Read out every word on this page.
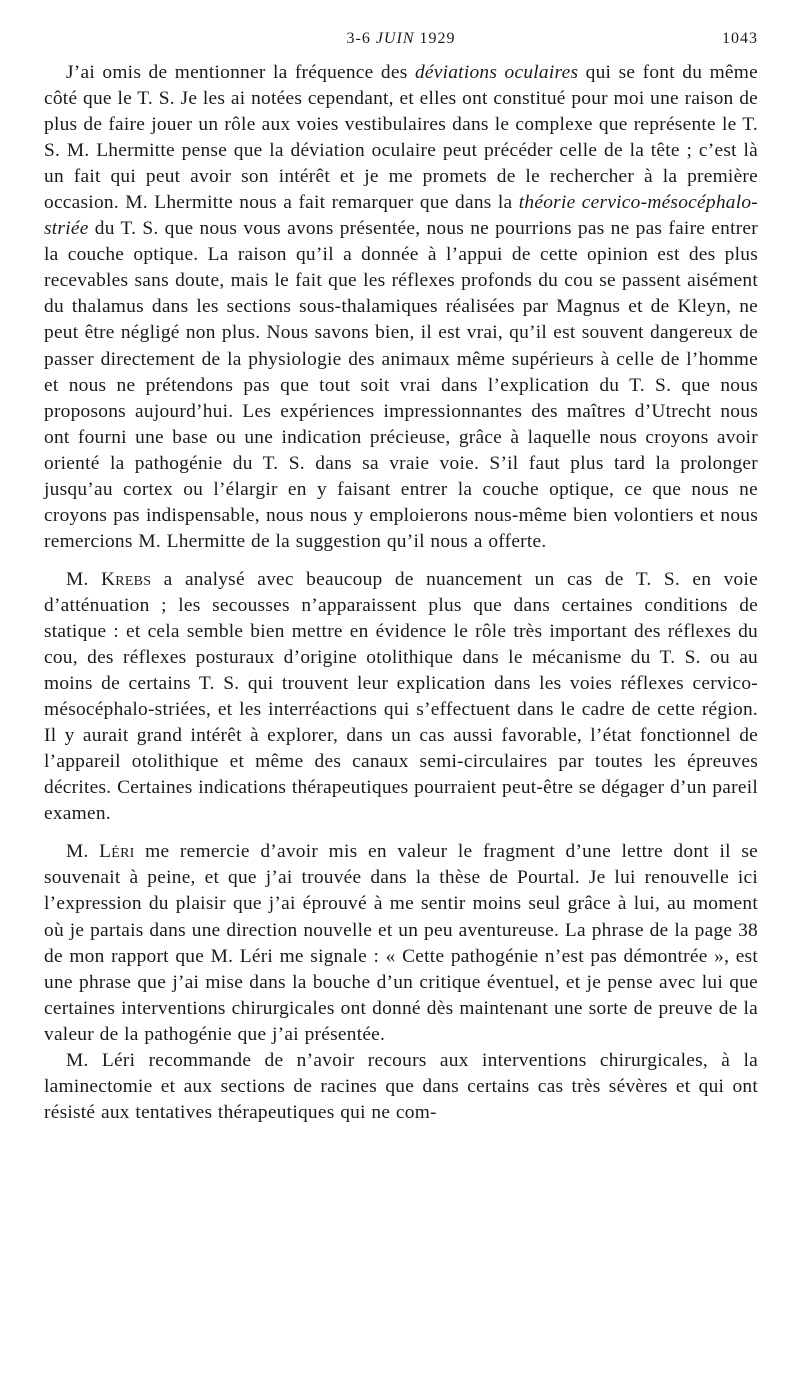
3-6 JUIN 1929	1043

J’ai omis de mentionner la fréquence des déviations oculaires qui se font du même côté que le T. S. Je les ai notées cependant, et elles ont constitué pour moi une raison de plus de faire jouer un rôle aux voies vestibulaires dans le complexe que représente le T. S. M. Lhermitte pense que la déviation oculaire peut précéder celle de la tête ; c’est là un fait qui peut avoir son intérêt et je me promets de le rechercher à la première occasion. M. Lhermitte nous a fait remarquer que dans la théorie cervico-mésocéphalo-striée du T. S. que nous vous avons présentée, nous ne pourrions pas ne pas faire entrer la couche optique. La raison qu’il a donnée à l’appui de cette opinion est des plus recevables sans doute, mais le fait que les réflexes profonds du cou se passent aisément du thalamus dans les sections sous-thalamiques réalisées par Magnus et de Kleyn, ne peut être négligé non plus. Nous savons bien, il est vrai, qu’il est souvent dangereux de passer directement de la physiologie des animaux même supérieurs à celle de l’homme et nous ne prétendons pas que tout soit vrai dans l’explication du T. S. que nous proposons aujourd’hui. Les expériences impressionnantes des maîtres d’Utrecht nous ont fourni une base ou une indication précieuse, grâce à laquelle nous croyons avoir orienté la pathogénie du T. S. dans sa vraie voie. S’il faut plus tard la prolonger jusqu’au cortex ou l’élargir en y faisant entrer la couche optique, ce que nous ne croyons pas indispensable, nous nous y emploierons nous-même bien volontiers et nous remercions M. Lhermitte de la suggestion qu’il nous a offerte.

M. Krebs a analysé avec beaucoup de nuancement un cas de T. S. en voie d’atténuation ; les secousses n’apparaissent plus que dans certaines conditions de statique : et cela semble bien mettre en évidence le rôle très important des réflexes du cou, des réflexes posturaux d’origine otolithique dans le mécanisme du T. S. ou au moins de certains T. S. qui trouvent leur explication dans les voies réflexes cervico-mésocéphalo-striées, et les interréactions qui s’effectuent dans le cadre de cette région. Il y aurait grand intérêt à explorer, dans un cas aussi favorable, l’état fonctionnel de l’appareil otolithique et même des canaux semi-circulaires par toutes les épreuves décrites. Certaines indications thérapeutiques pourraient peut-être se dégager d’un pareil examen.

M. Léri me remercie d’avoir mis en valeur le fragment d’une lettre dont il se souvenait à peine, et que j’ai trouvée dans la thèse de Pourtal. Je lui renouvelle ici l’expression du plaisir que j’ai éprouvé à me sentir moins seul grâce à lui, au moment où je partais dans une direction nouvelle et un peu aventureuse. La phrase de la page 38 de mon rapport que M. Léri me signale : « Cette pathogénie n’est pas démontrée », est une phrase que j’ai mise dans la bouche d’un critique éventuel, et je pense avec lui que certaines interventions chirurgicales ont donné dès maintenant une sorte de preuve de la valeur de la pathogénie que j’ai présentée.

M. Léri recommande de n’avoir recours aux interventions chirurgicales, à la laminectomie et aux sections de racines que dans certains cas très sévères et qui ont résisté aux tentatives thérapeutiques qui ne com-
